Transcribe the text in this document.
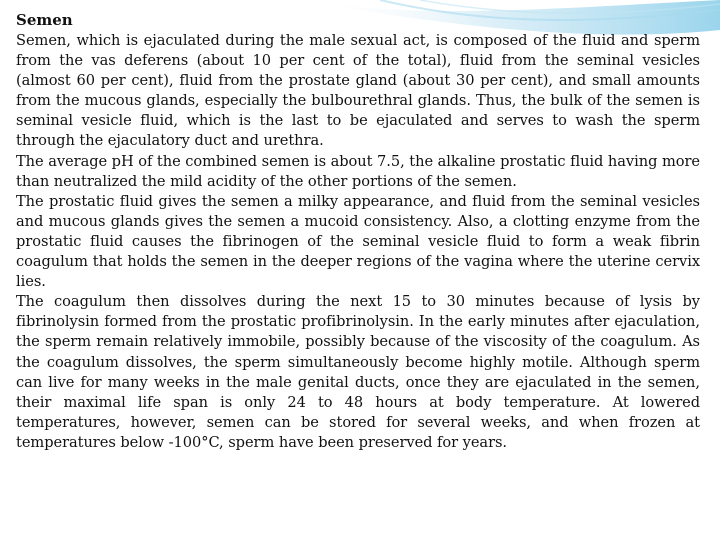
Semen

Semen, which is ejaculated during the male sexual act, is composed of the fluid and sperm from the vas deferens (about 10 per cent of the total), fluid from the seminal vesicles (almost 60 per cent), fluid from the prostate gland (about 30 per cent), and small amounts from the mucous glands, especially the bulbourethral glands. Thus, the bulk of the semen is seminal vesicle fluid, which is the last to be ejaculated and serves to wash the sperm through the ejaculatory duct and urethra.

The average pH of the combined semen is about 7.5, the alkaline prostatic fluid having more than neutralized the mild acidity of the other portions of the semen.

The prostatic fluid gives the semen a milky appearance, and fluid from the seminal vesicles and mucous glands gives the semen a mucoid consistency. Also, a clotting enzyme from the prostatic fluid causes the fibrinogen of the seminal vesicle fluid to form a weak fibrin coagulum that holds the semen in the deeper regions of the vagina where the uterine cervix lies.

The coagulum then dissolves during the next 15 to 30 minutes because of lysis by fibrinolysin formed from the prostatic profibrinolysin. In the early minutes after ejaculation, the sperm remain relatively immobile, possibly because of the viscosity of the coagulum. As the coagulum dissolves, the sperm simultaneously become highly motile. Although sperm can live for many weeks in the male genital ducts, once they are ejaculated in the semen, their maximal life span is only 24 to 48 hours at body temperature. At lowered temperatures, however, semen can be stored for several weeks, and when frozen at temperatures below -100°C, sperm have been preserved for years.
